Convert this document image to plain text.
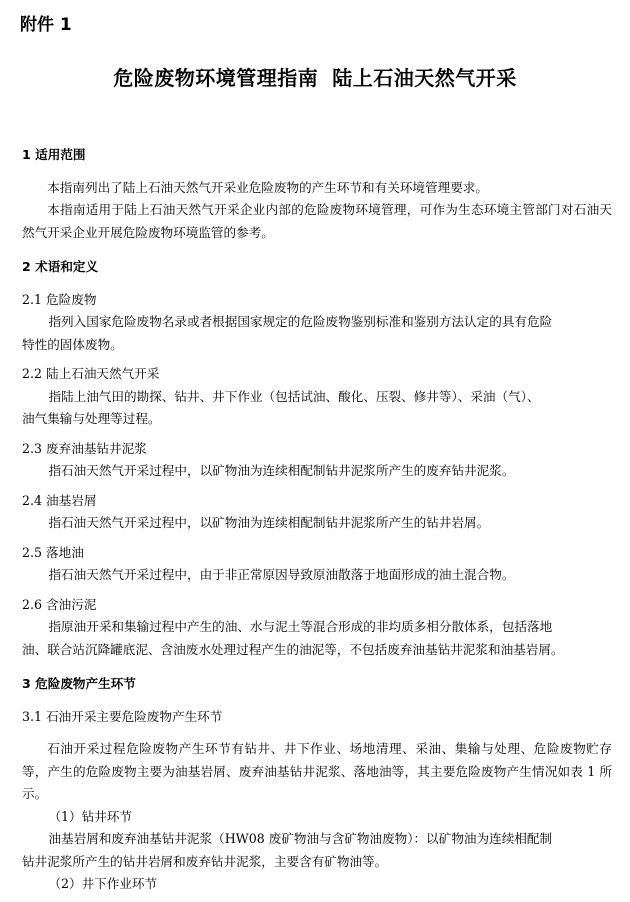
附件 1
危险废物环境管理指南 陆上石油天然气开采

1 适用范围

本指南列出了陆上石油天然气开采业危险废物的产生环节和有关环境管理要求。

本指南适用于陆上石油天然气开采企业内部的危险废物环境管理，可作为生态环境主管部门对石油天然气开采企业开展危险废物环境监管的参考。

2 术语和定义

2.1 危险废物

指列入国家危险废物名录或者根据国家规定的危险废物鉴别标准和鉴别方法认定的具有危险

特性的固体废物。

2.2 陆上石油天然气开采

指陆上油气田的勘探、钻井、井下作业（包括试油、酸化、压裂、修井等）、采油（气）、

油气集输与处理等过程。

2.3 废弃油基钻井泥浆

指石油天然气开采过程中，以矿物油为连续相配制钻井泥浆所产生的废弃钻井泥浆。

2.4 油基岩屑

指石油天然气开采过程中，以矿物油为连续相配制钻井泥浆所产生的钻井岩屑。

2.5 落地油

指石油天然气开采过程中，由于非正常原因导致原油散落于地面形成的油土混合物。

2.6 含油污泥

指原油开采和集输过程中产生的油、水与泥土等混合形成的非均质多相分散体系，包括落地

油、联合站沉降罐底泥、含油废水处理过程产生的油泥等，不包括废弃油基钻井泥浆和油基岩屑。

3 危险废物产生环节

3.1 石油开采主要危险废物产生环节

石油开采过程危险废物产生环节有钻井、井下作业、场地清理、采油、集输与处理、危险废物贮存等，产生的危险废物主要为油基岩屑、废弃油基钻井泥浆、落地油等，其主要危险废物产生情况如表 1 所示。

（1）钻井环节

油基岩屑和废弃油基钻井泥浆（HW08 废矿物油与含矿物油废物）：以矿物油为连续相配制

钻井泥浆所产生的钻井岩屑和废弃钻井泥浆，主要含有矿物油等。

（2）井下作业环节
